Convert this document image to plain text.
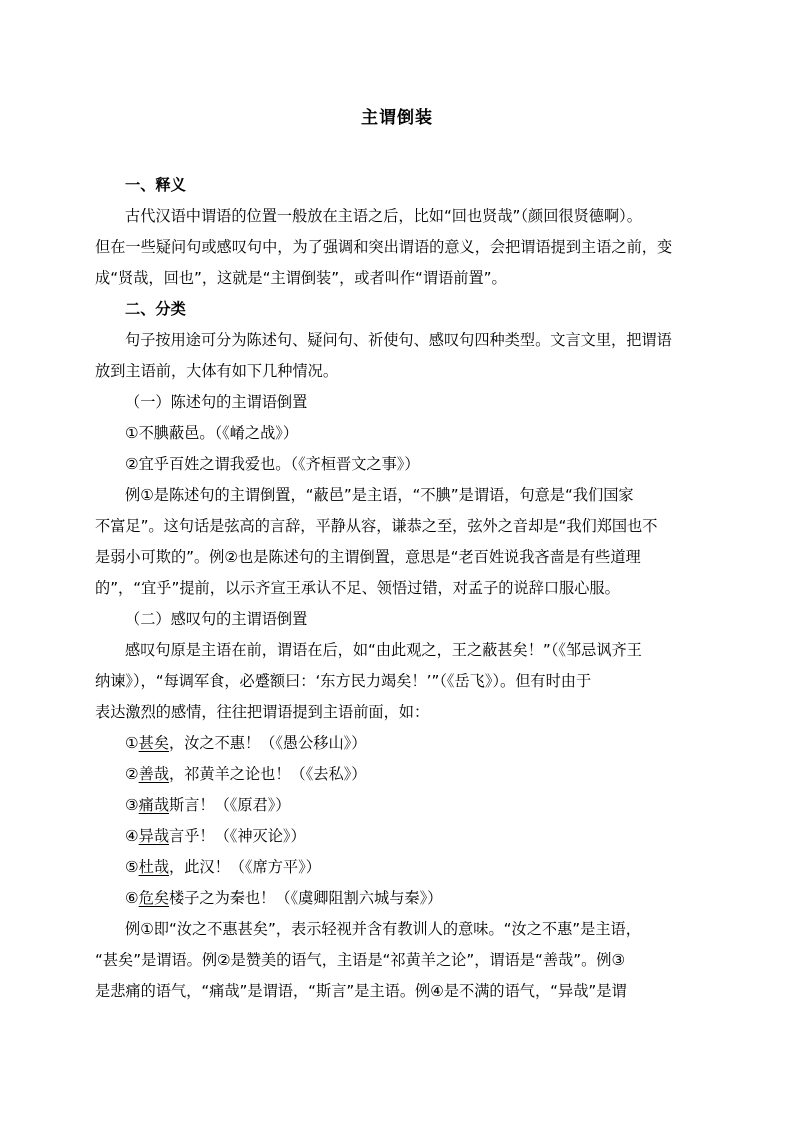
主谓倒装
一、释义
古代汉语中谓语的位置一般放在主语之后，比如“回也贤哉”（颜回很贤德啊）。
但在一些疑问句或感叹句中，为了强调和突出谓语的意义，会把谓语提到主语之前，变
成“贤哉，回也”，这就是“主谓倒装”，或者叫作“谓语前置”。
二、分类
句子按用途可分为陈述句、疑问句、祈使句、感叹句四种类型。文言文里，把谓语
放到主语前，大体有如下几种情况。
（一）陈述句的主谓语倒置
①不腆蔽邑。（《崤之战》）
②宜乎百姓之谓我爱也。（《齐桓晋文之事》）
例①是陈述句的主谓倒置，“蔽邑”是主语，“不腆”是谓语，句意是“我们国家
不富足”。这句话是弦高的言辞，平静从容，谦恭之至，弦外之音却是“我们郑国也不
是弱小可欺的”。例②也是陈述句的主谓倒置，意思是“老百姓说我吝啬是有些道理
的”，“宜乎”提前，以示齐宣王承认不足、领悟过错，对孟子的说辞口服心服。
（二）感叹句的主谓语倒置
感叹句原是主语在前，谓语在后，如“由此观之，王之蔽甚矣！”（《邹忌讽齐王
纳谏》），“每调军食，必蹙额曰：‘东方民力竭矣！’”（《岳飞》）。但有时由于
表达激烈的感情，往往把谓语提到主语前面，如：
①甚矣，汝之不惠！（《愚公移山》）
②善哉，祁黄羊之论也！（《去私》）
③痛哉斯言！（《原君》）
④异哉言乎！（《神灭论》）
⑤杜哉，此汉！（《席方平》）
⑥危矣楼子之为秦也！（《虞卿阻割六城与秦》）
例①即“汝之不惠甚矣”，表示轻视并含有教训人的意味。“汝之不惠”是主语，
“甚矣”是谓语。例②是赞美的语气，主语是“祁黄羊之论”，谓语是“善哉”。例③
是悲痛的语气，“痛哉”是谓语，“斯言”是主语。例④是不满的语气，“异哉”是谓
